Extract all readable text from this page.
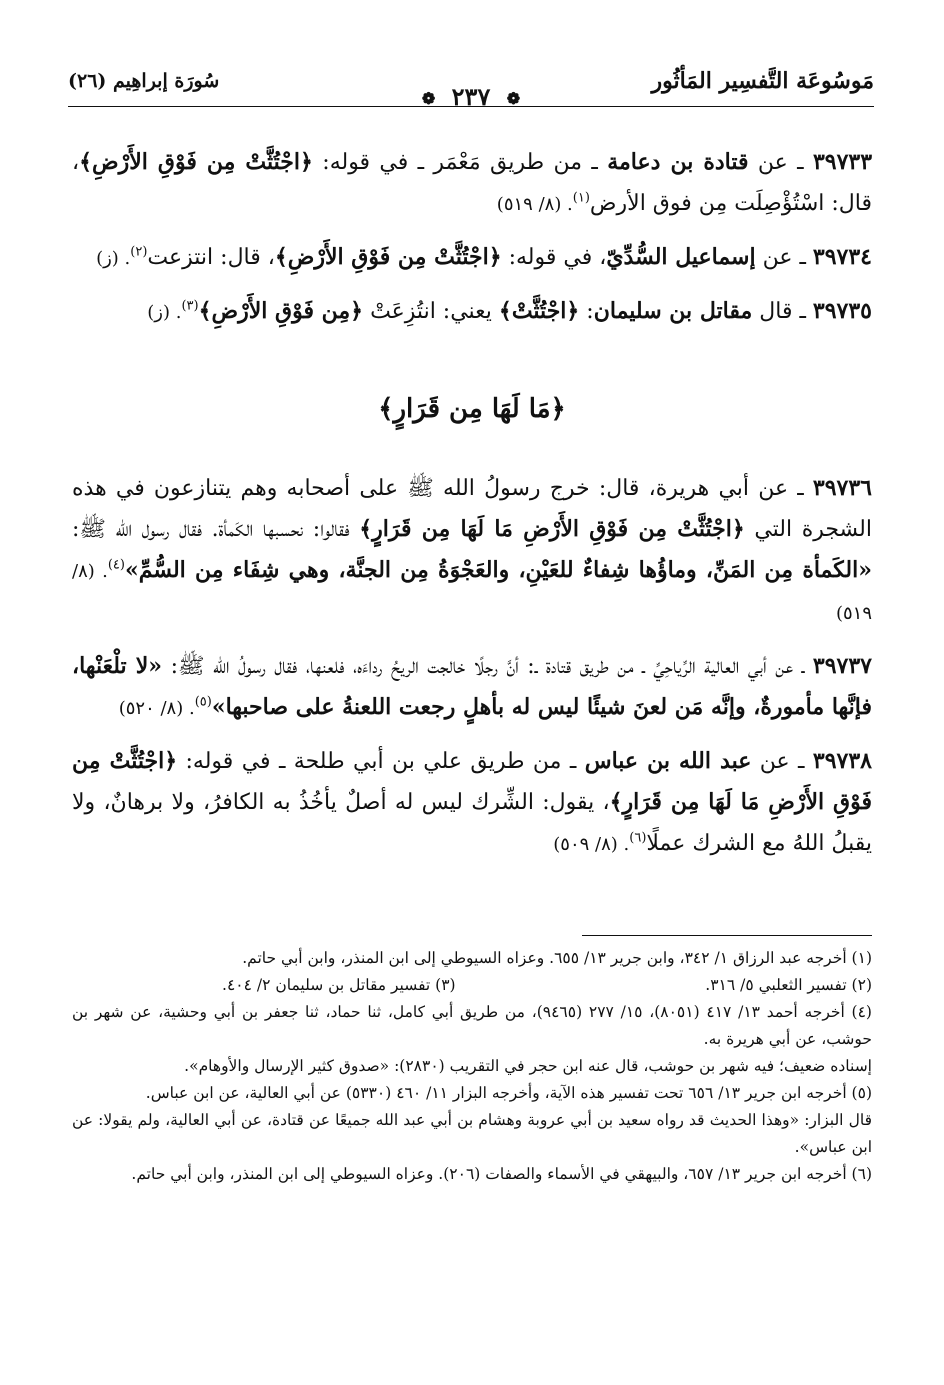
مَوسُوعَة التَّفسِير المَأثُور
❁ ٢٣٧ ❁
سُورَة إبراهِيم (٢٦)

٣٩٧٣٣ ـ عن قتادة بن دعامة ـ من طريق مَعْمَر ـ في قوله: ﴿اجْتُثَّتْ مِن فَوْقِ الأَرْضِ﴾، قال: اسْتُؤْصِلَت مِن فوق الأرض$^{(١)}$. (٨/ ٥١٩)

٣٩٧٣٤ ـ عن إسماعيل السُّدِّيّ، في قوله: ﴿اجْتُثَّتْ مِن فَوْقِ الأَرْضِ﴾، قال: انتزعت$^{(٢)}$. (ز)

٣٩٧٣٥ ـ قال مقاتل بن سليمان: ﴿اجْتُثَّتْ﴾ يعني: انتُزِعَتْ ﴿مِن فَوْقِ الأَرْضِ﴾$^{(٣)}$. (ز)

﴿مَا لَهَا مِن قَرَارٍ﴾

٣٩٧٣٦ ـ عن أبي هريرة، قال: خرج رسولُ الله ﷺ على أصحابه وهم يتنازعون في هذه الشجرة التي ﴿اجْتُثَّتْ مِن فَوْقِ الأَرْضِ مَا لَهَا مِن قَرَارٍ﴾ فقالوا: نحسبها الكَمأة. فقال رسول الله ﷺ: «الكَمأة مِن المَنِّ، وماؤُها شِفاءٌ للعَيْنِ، والعَجْوَةُ مِن الجنَّة، وهي شِفَاء مِن السُّمِّ»$^{(٤)}$. (٨/ ٥١٩)

٣٩٧٣٧ ـ عن أبي العالية الرِّياحِيِّ ـ من طريق قتادة ـ: أنَّ رجلًا خالجت الريحُ رداءَه، فلعنها، فقال رسولُ الله ﷺ: «لا تلْعَنْها، فإنَّها مأمورةٌ، وإنَّه مَن لعنَ شيئًا ليس له بأهلٍ رجعت اللعنةُ على صاحبها»$^{(٥)}$. (٨/ ٥٢٠)

٣٩٧٣٨ ـ عن عبد الله بن عباس ـ من طريق علي بن أبي طلحة ـ في قوله: ﴿اجْتُثَّتْ مِن فَوْقِ الأَرْضِ مَا لَهَا مِن قَرَارٍ﴾، يقول: الشِّرك ليس له أصلٌ يأخُذُ به الكافرُ، ولا برهانٌ، ولا يقبلُ اللهُ مع الشرك عملًا$^{(٦)}$. (٨/ ٥٠٩)

(١) أخرجه عبد الرزاق ١/ ٣٤٢، وابن جرير ١٣/ ٦٥٥. وعزاه السيوطي إلى ابن المنذر، وابن أبي حاتم.

(٢) تفسير الثعلبي ٥/ ٣١٦.
(٣) تفسير مقاتل بن سليمان ٢/ ٤٠٤.

(٤) أخرجه أحمد ١٣/ ٤١٧ (٨٠٥١)، ١٥/ ٢٧٧ (٩٤٦٥)، من طريق أبي كامل، ثنا حماد، ثنا جعفر بن أبي وحشية، عن شهر بن حوشب، عن أبي هريرة به.

إسناده ضعيف؛ فيه شهر بن حوشب، قال عنه ابن حجر في التقريب (٢٨٣٠): «صدوق كثير الإرسال والأوهام».

(٥) أخرجه ابن جرير ١٣/ ٦٥٦ تحت تفسير هذه الآية، وأخرجه البزار ١١/ ٤٦٠ (٥٣٣٠) عن أبي العالية، عن ابن عباس.

قال البزار: «وهذا الحديث قد رواه سعيد بن أبي عروبة وهشام بن أبي عبد الله جميعًا عن قتادة، عن أبي العالية، ولم يقولا: عن ابن عباس».

(٦) أخرجه ابن جرير ١٣/ ٦٥٧، والبيهقي في الأسماء والصفات (٢٠٦). وعزاه السيوطي إلى ابن المنذر، وابن أبي حاتم.
